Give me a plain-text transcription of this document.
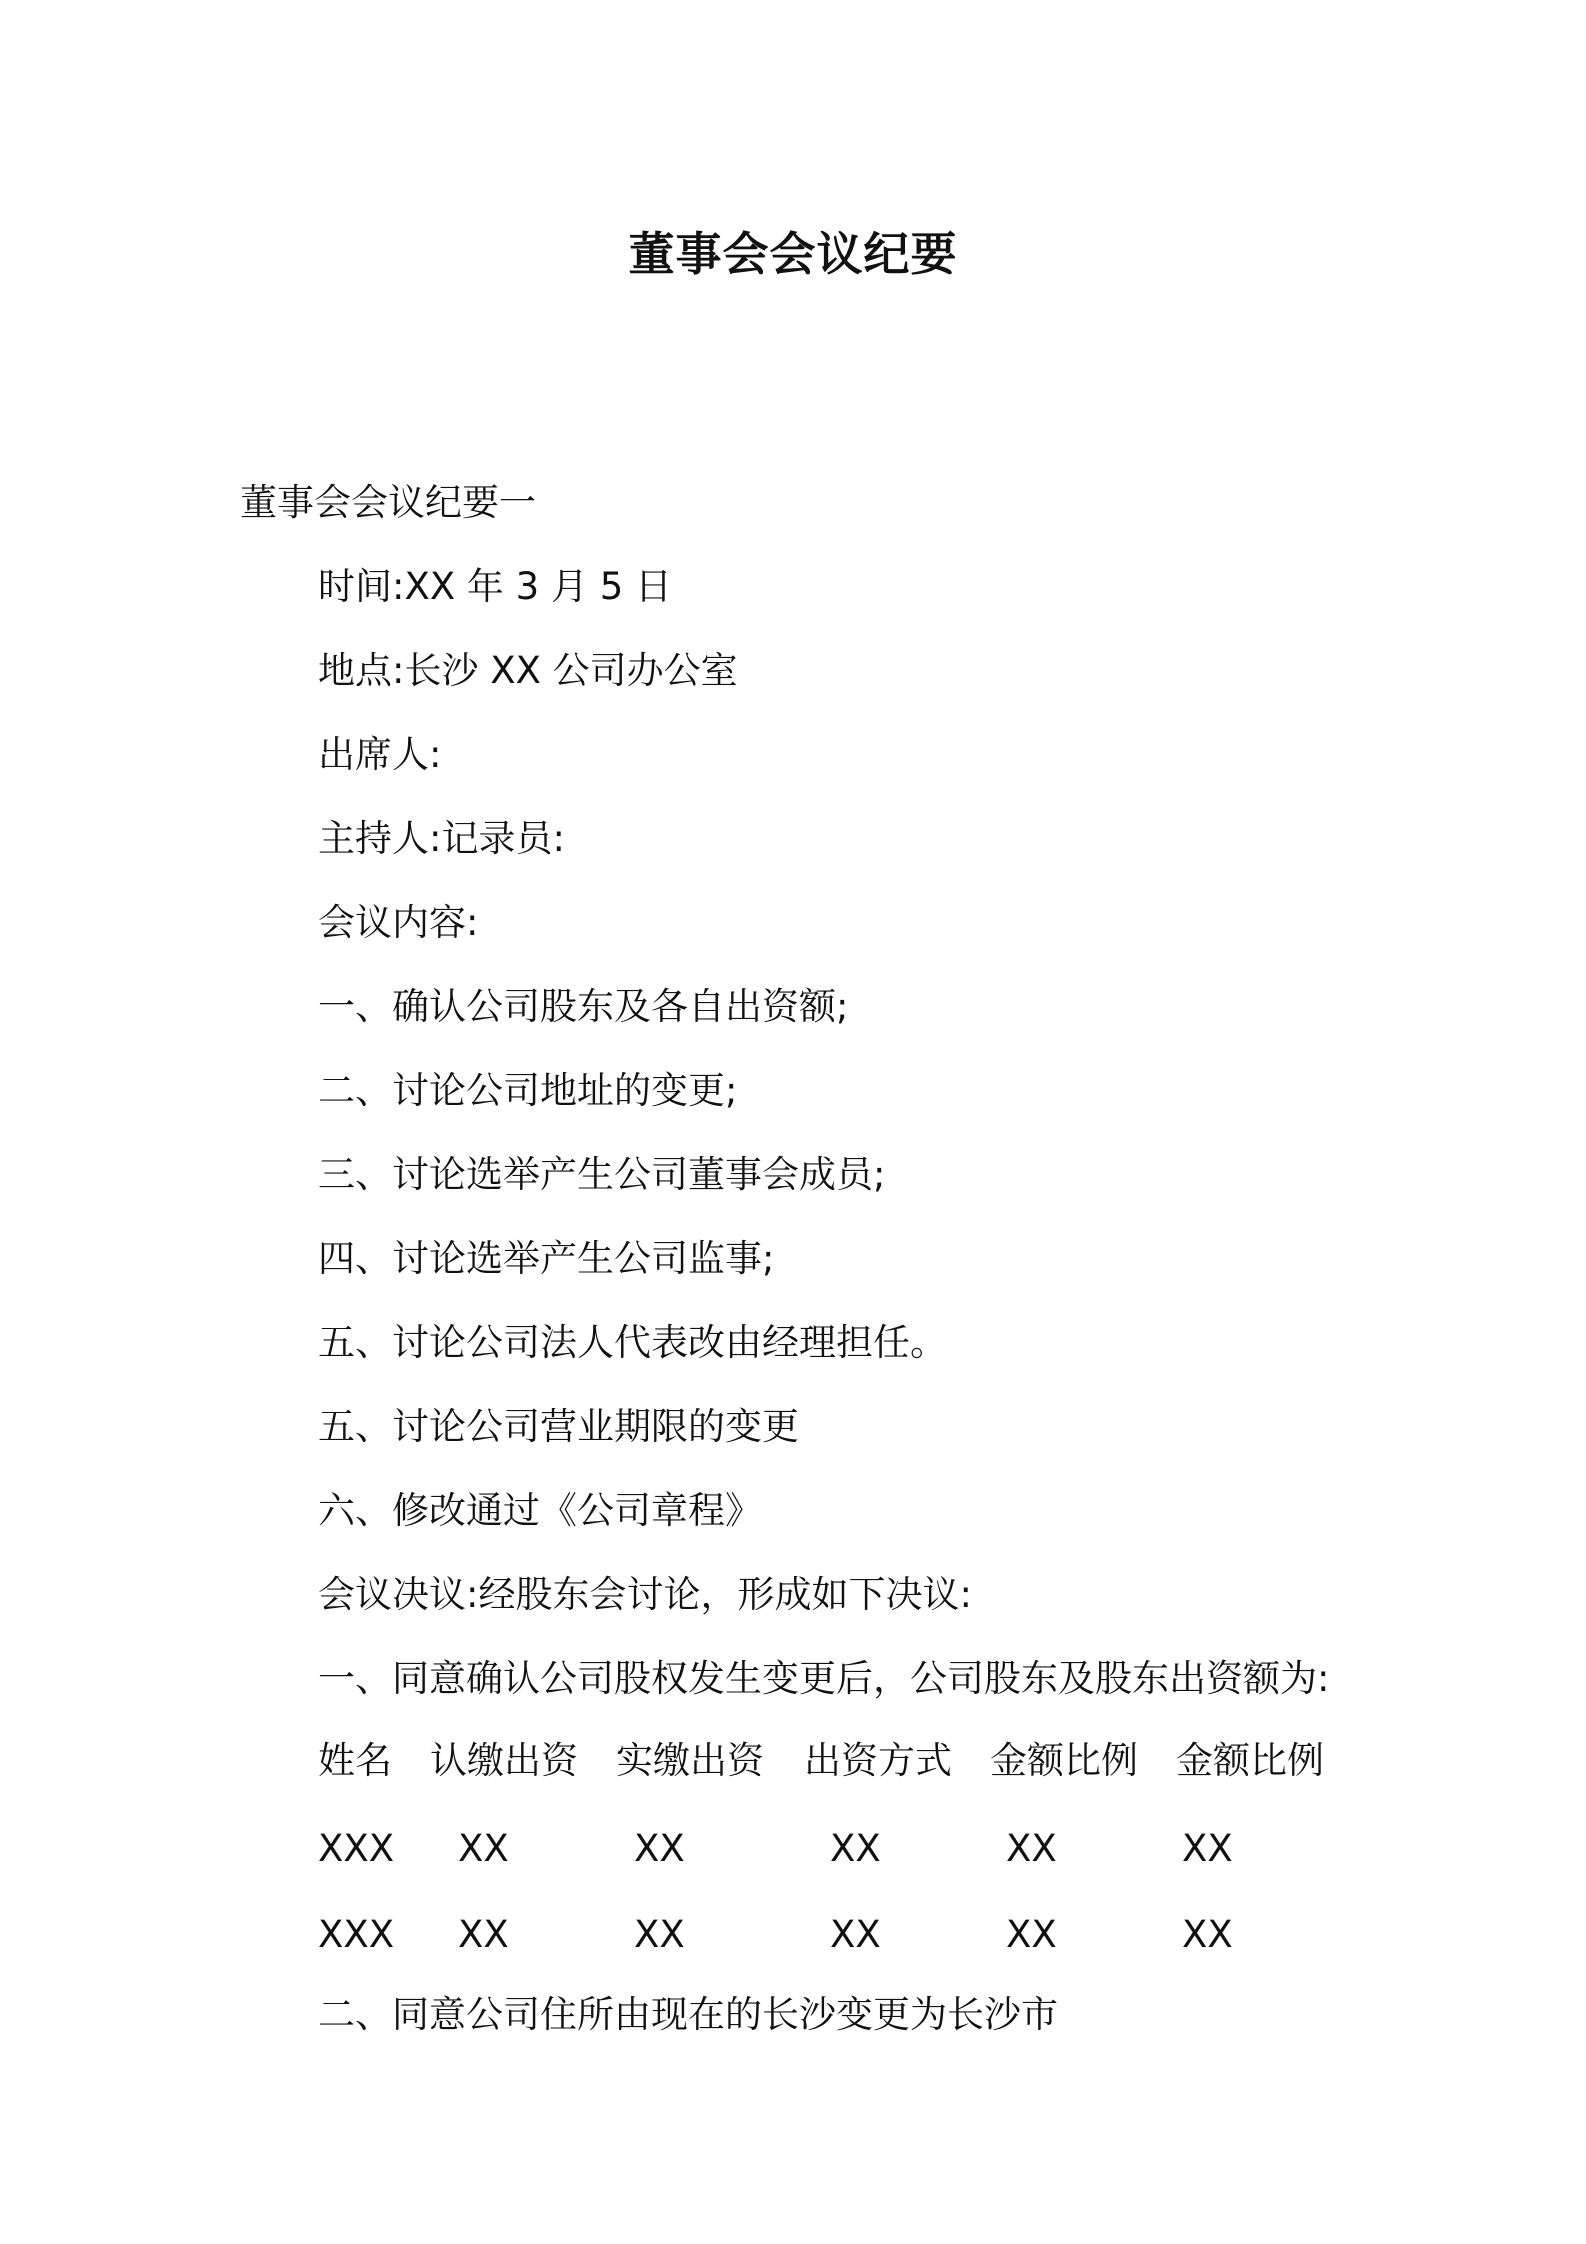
董事会会议纪要
董事会会议纪要一
时间:XX 年 3 月 5 日
地点:长沙 XX 公司办公室
出席人:
主持人:记录员:
会议内容:
一、确认公司股东及各自出资额;
二、讨论公司地址的变更;
三、讨论选举产生公司董事会成员;
四、讨论选举产生公司监事;
五、讨论公司法人代表改由经理担任。
五、讨论公司营业期限的变更
六、修改通过《公司章程》
会议决议:经股东会讨论，形成如下决议:
一、同意确认公司股权发生变更后，公司股东及股东出资额为:
姓名 认缴出资 实缴出资 出资方式 金额比例 金额比例
XXX XX	XX	XX	XX	XX
XXX XX	XX	XX	XX	XX
二、同意公司住所由现在的长沙变更为长沙市
